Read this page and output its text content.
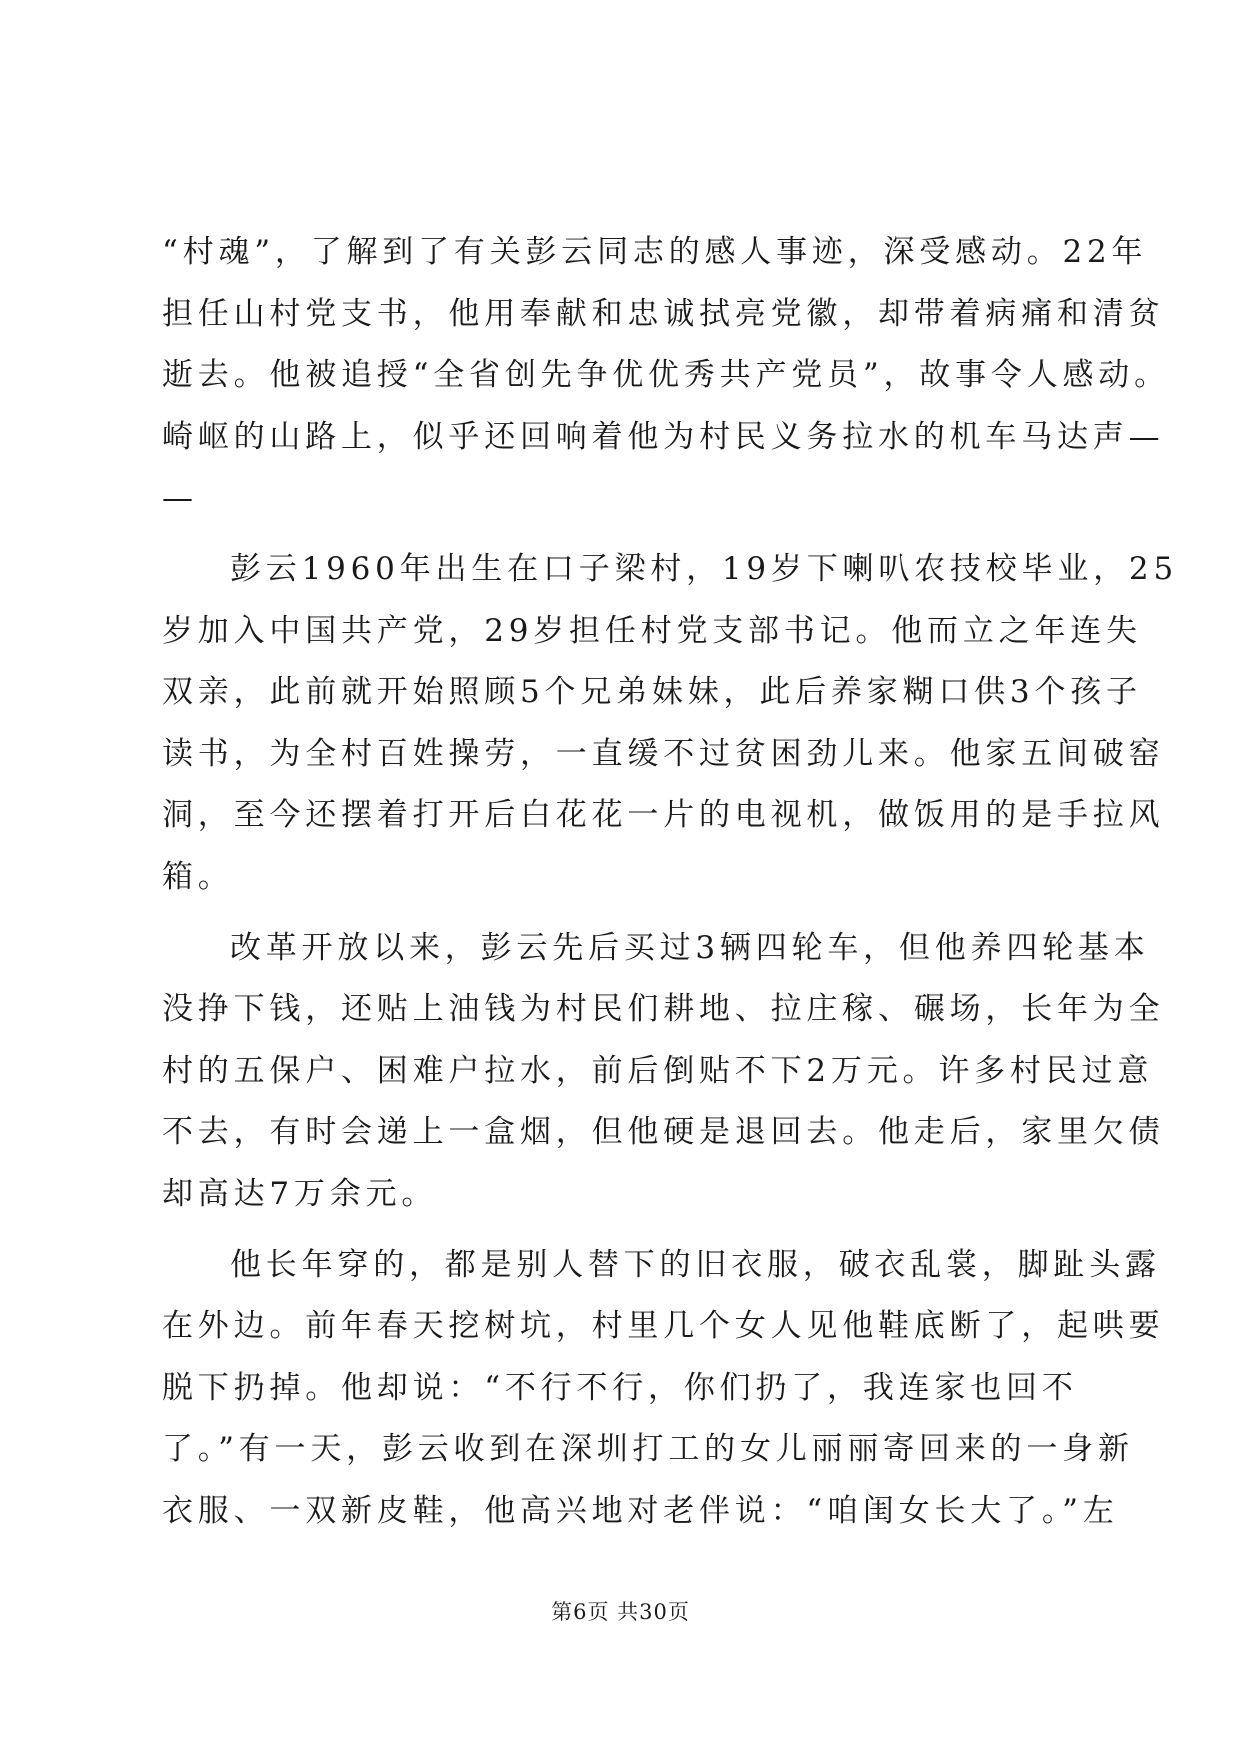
“村魂”，了解到了有关彭云同志的感人事迹，深受感动。22年
担任山村党支书，他用奉献和忠诚拭亮党徽，却带着病痛和清贫
逝去。他被追授“全省创先争优优秀共产党员”，故事令人感动。
崎岖的山路上，似乎还回响着他为村民义务拉水的机车马达声—
—

彭云1960年出生在口子梁村，19岁下喇叭农技校毕业，25
岁加入中国共产党，29岁担任村党支部书记。他而立之年连失
双亲，此前就开始照顾5个兄弟妹妹，此后养家糊口供3个孩子
读书，为全村百姓操劳，一直缓不过贫困劲儿来。他家五间破窑
洞，至今还摆着打开后白花花一片的电视机，做饭用的是手拉风
箱。

改革开放以来，彭云先后买过3辆四轮车，但他养四轮基本
没挣下钱，还贴上油钱为村民们耕地、拉庄稼、碾场，长年为全
村的五保户、困难户拉水，前后倒贴不下2万元。许多村民过意
不去，有时会递上一盒烟，但他硬是退回去。他走后，家里欠债
却高达7万余元。

他长年穿的，都是别人替下的旧衣服，破衣乱裳，脚趾头露
在外边。前年春天挖树坑，村里几个女人见他鞋底断了，起哄要
脱下扔掉。他却说：“不行不行，你们扔了，我连家也回不
了。”有一天，彭云收到在深圳打工的女儿丽丽寄回来的一身新
衣服、一双新皮鞋，他高兴地对老伴说：“咱闺女长大了。”左

第6页 共30页
